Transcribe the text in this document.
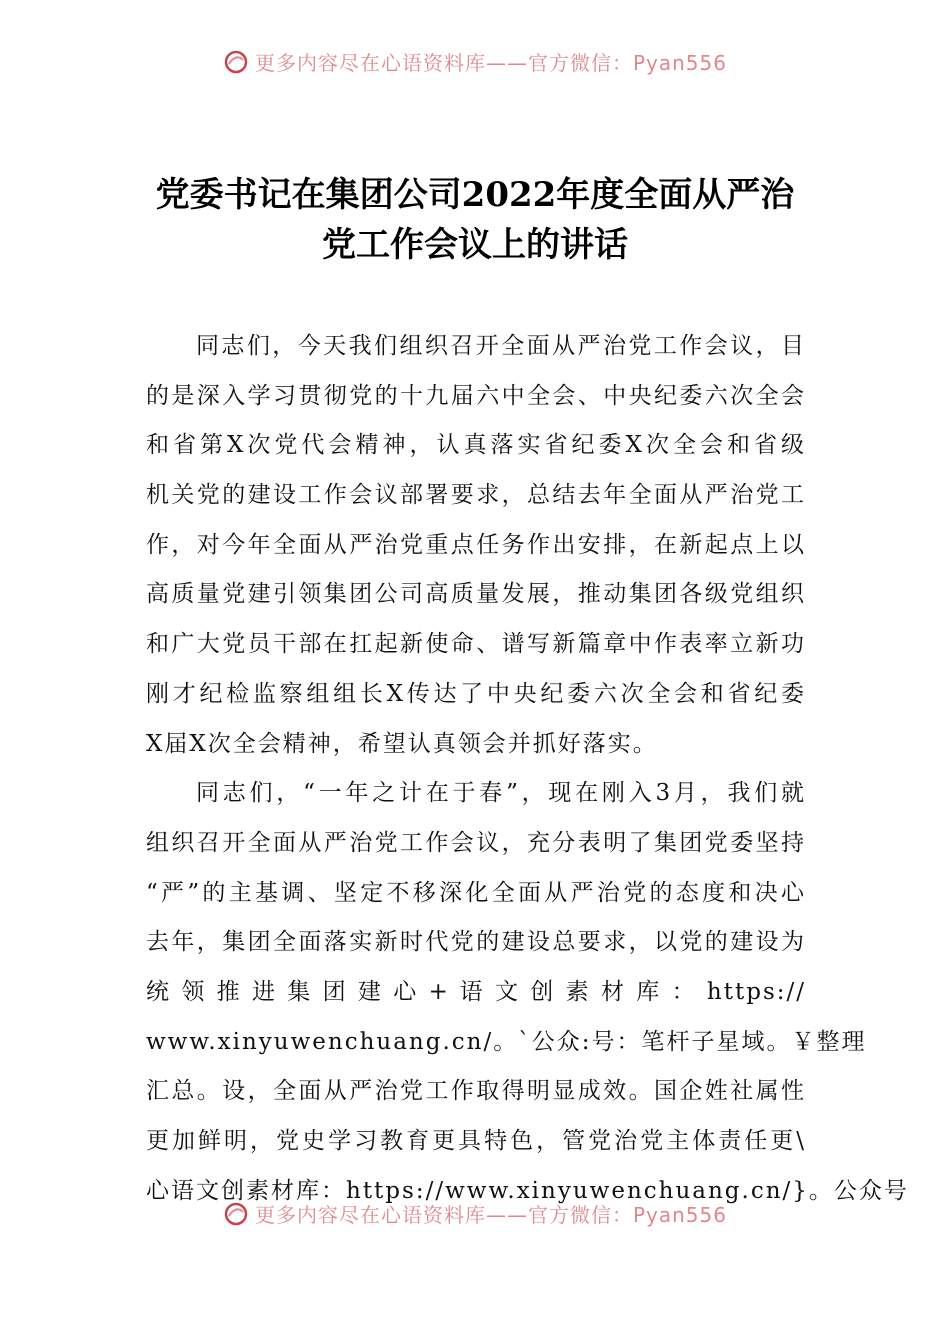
更多内容尽在心语资料库——官方微信：Pyan556
党委书记在集团公司2022年度全面从严治
党工作会议上的讲话
同志们，今天我们组织召开全面从严治党工作会议，目
的是深入学习贯彻党的十九届六中全会、中央纪委六次全会
和省第X次党代会精神，认真落实省纪委X次全会和省级
机关党的建设工作会议部署要求，总结去年全面从严治党工
作，对今年全面从严治党重点任务作出安排，在新起点上以
高质量党建引领集团公司高质量发展，推动集团各级党组织
和广大党员干部在扛起新使命、谱写新篇章中作表率立新功
刚才纪检监察组组长X传达了中央纪委六次全会和省纪委
X届X次全会精神，希望认真领会并抓好落实。
同志们，“一年之计在于春”，现在刚入3月，我们就
组织召开全面从严治党工作会议，充分表明了集团党委坚持
“严”的主基调、坚定不移深化全面从严治党的态度和决心
去年，集团全面落实新时代党的建设总要求，以党的建设为
统 领 推 进 集 团 建 心 + 语 文 创 素 材 库 ： https://
www.xinyuwenchuang.cn/。`公众:号：笔杆子星域。￥整理
汇总。设，全面从严治党工作取得明显成效。国企姓社属性
更加鲜明，党史学习教育更具特色，管党治党主体责任更\
心语文创素材库：https://www.xinyuwenchuang.cn/}。公众号
更多内容尽在心语资料库——官方微信：Pyan556
